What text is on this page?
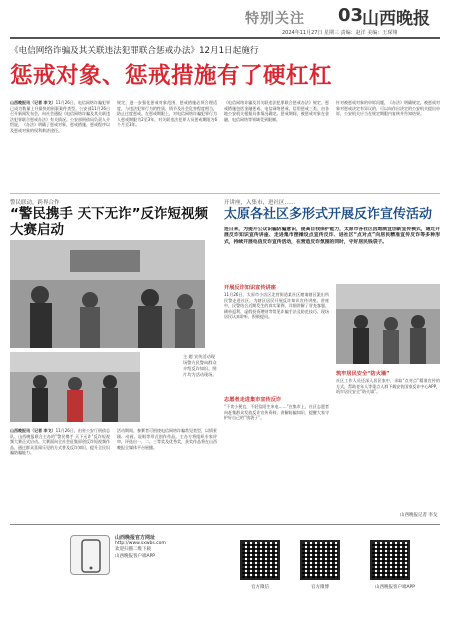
特别关注 03
山西晚报
2024年11月27日 星期三 责编：赵洋 美编：王琛翔
《电信网络诈骗及其关联违法犯罪联合惩戒办法》12月1日起施行
惩戒对象、惩戒措施有了硬杠杠
山西晚报讯（记者 李戈）11月26日，电信网络诈骗犯罪已成为数量上升最快的刑事案件类型。公安部11月26日召开新闻发布会，向社会通报《电信网络诈骗及其关联违法犯罪联合惩戒办法》有关情况。公安部刑侦局负责人介绍说，《办法》明确了惩戒对象、惩戒措施、惩戒程序以及惩戒对象的权利救济途径。
规定，进一步强化惩戒对象范围，惩戒措施必须合理适度，与违法犯罪行为的性质、情节及社会危害程度相当，防止过度惩戒。在惩戒期限上，对电信网络诈骗犯罪行为人惩戒期限为2至3年，对关联违法犯罪人员惩戒期限为6个月至3年。
《电信网络诈骗及其关联违法犯罪联合惩戒办法》规定，惩戒措施包括金融惩戒、电信网络惩戒、信用惩戒三类，由各地公安机关根据具体情况确定。惩戒期间，被惩戒对象在金融、电信网络等领域受到限制。
针对被惩戒对象的申诉问题，《办法》明确规定，被惩戒对象对惩戒决定有异议的，可以向作出决定的公安机关提出申诉，公安机关应当在规定期限内复核并告知结果。
警民联动，跨界合作
“警民携手 天下无诈”反诈短视频大赛启动
主 题 宣传活动现场警方民警向群众介绍反诈知识。图片均为活动现场。
山西晚报讯（记者 李戈）11月26日，由省公安厅刑侦总队、山西晚报联合主办的“警民携手 天下无诈”反诈短视频大赛正式启动。大赛面向全社会征集原创反诈短视频作品，通过群众喜闻乐见的方式普及反诈知识，提升全民识骗防骗能力。
活动期间，参赛者可围绕电信网络诈骗常见类型，以情景剧、动画、说唱等形式创作作品。主办方将组织专家评审，评选出一、二、三等奖及优秀奖，获奖作品将在山西晚报全媒体平台展播。
开讲座，入集市，进社区……
太原各社区多形式开展反诈宣传活动
连日来，为提升公众识骗防骗意识，提高自我保护能力，太原市各社区因地制宜创新宣传模式，通过开展反诈知识宣传讲座、走进集市摆摊设点宣传反诈、进社区“点对点”向居民精准宣传反诈等多种形式，持续开展电信反诈宣传活动，在营造反诈氛围的同时，守好居民钱袋子。
开展反诈知识宣传讲座
11月26日，太原市小店区北营街道某社区邀请辖区派出所民警走进社区，为辖区居民开展反诈知识宣传讲座。讲座中，民警结合近期发生的真实案例，详细讲解了冒充客服、刷单返利、虚假投资理财等常见诈骗手法及防范技巧，现场居民认真聆听，积极提问。
志愿者走进集市宣传反诈
“不贪小便宜，不轻信陌生来电……”在集市上，社区志愿者向赶集群众发放反诈宣传资料，讲解防骗知识，提醒大家守护好自己的“钱袋子”。
筑牢居民安全“防火墙”
社区工作人员还深入居民家中，采取“点对点”精准宣传的方式，帮助老年人等重点人群下载安装国家反诈中心APP，筑牢居民安全“防火墙”。
山西晚报记者 李戈
山西晚报官方网址
http://www.sxwbs.com
欢迎扫描二维下载
山西晚报客户端APP
官方微信	官方微博	山西晚报客户端APP
